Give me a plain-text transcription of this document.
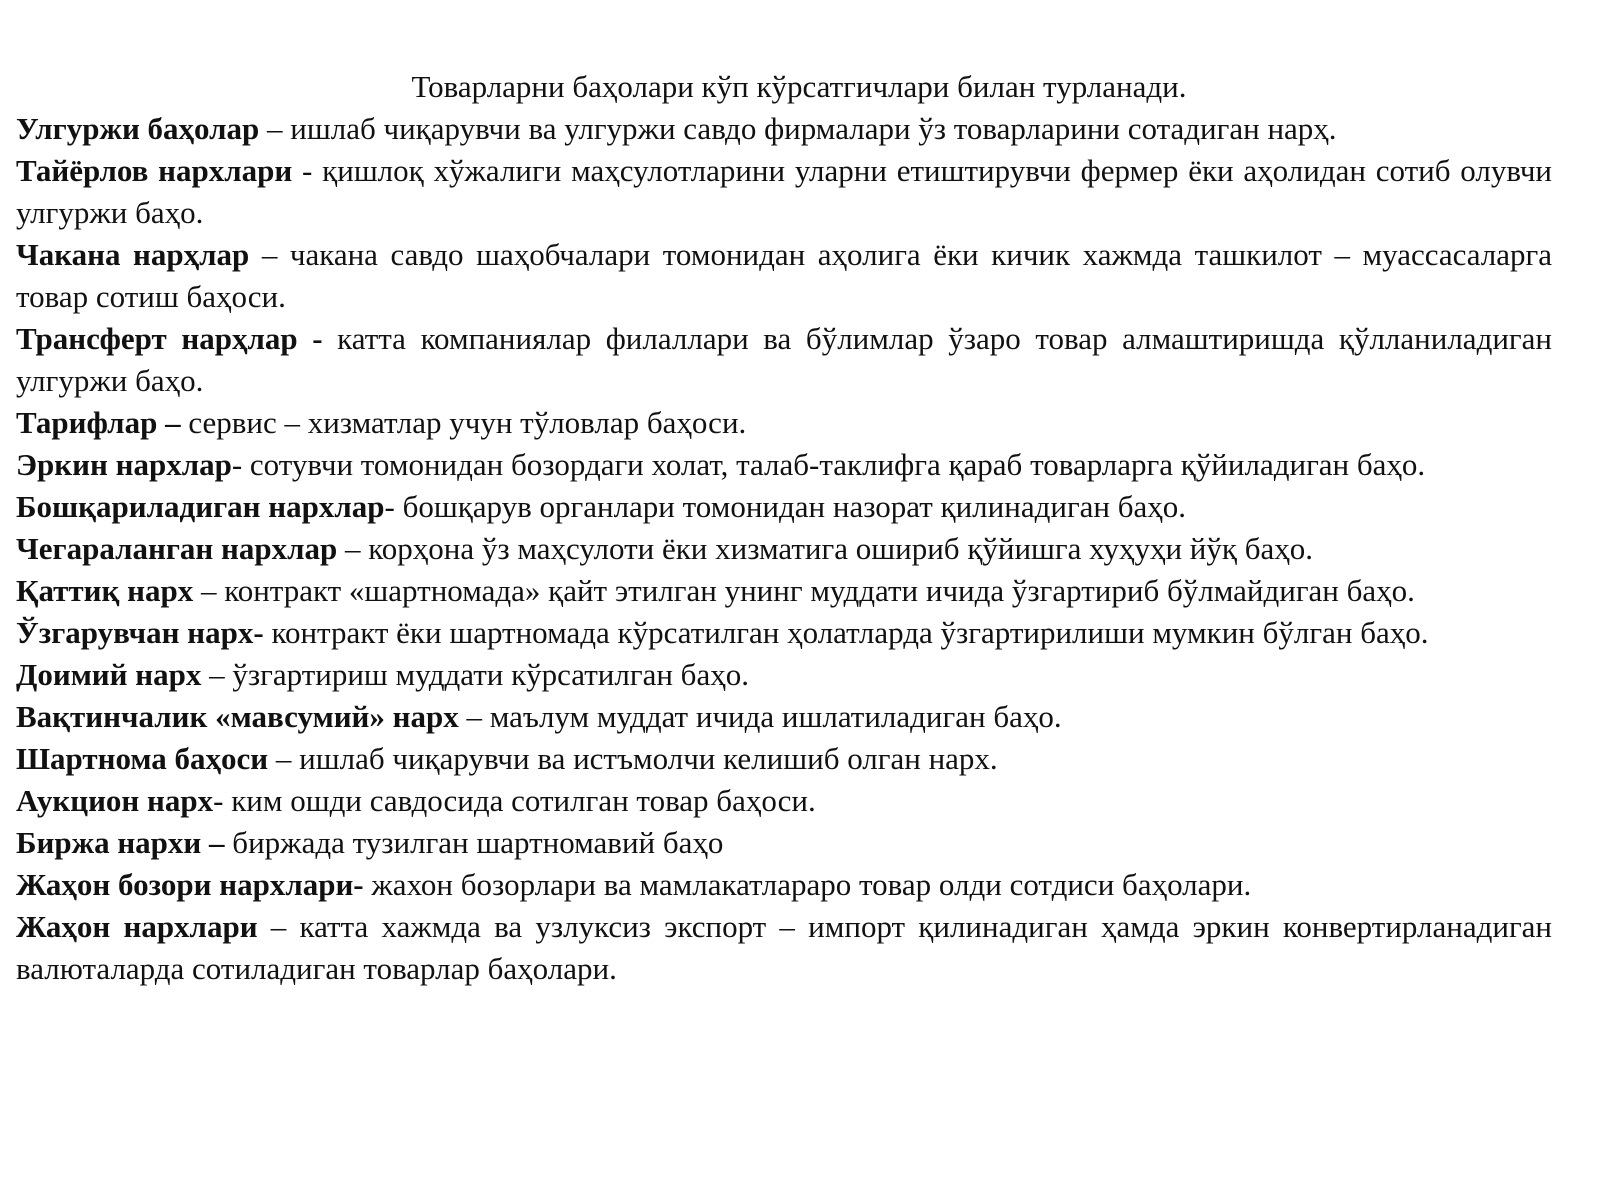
Товарларни баҳолари кўп кўрсатгичлари билан турланади.

Улгуржи баҳолар – ишлаб чиқарувчи ва улгуржи савдо фирмалари ўз товарларини сотадиган нарҳ.

Тайёрлов нархлари - қишлоқ хўжалиги маҳсулотларини уларни етиштирувчи фермер ёки аҳолидан сотиб олувчи улгуржи баҳо.

Чакана нарҳлар – чакана савдо шаҳобчалари томонидан аҳолига ёки кичик хажмда ташкилот – муассасаларга товар сотиш баҳоси.

Трансферт нарҳлар - катта компаниялар филаллари ва бўлимлар ўзаро товар алмаштиришда қўлланиладиган улгуржи баҳо.

Тарифлар – сервис – хизматлар учун тўловлар баҳоси.

Эркин нархлар- сотувчи томонидан бозордаги холат, талаб-таклифга қараб товарларга қўйиладиган баҳо.

Бошқариладиган нархлар- бошқарув органлари томонидан назорат қилинадиган баҳо.

Чегараланган нархлар – корҳона ўз маҳсулоти ёки хизматига ошириб қўйишга хуҳуҳи йўқ баҳо.

Қаттиқ нарх – контракт «шартномада» қайт этилган унинг муддати ичида ўзгартириб бўлмайдиган баҳо.

Ўзгарувчан нарх- контракт ёки шартномада кўрсатилган ҳолатларда ўзгартирилиши мумкин бўлган баҳо.

Доимий нарх – ўзгартириш муддати кўрсатилган баҳо.

Вақтинчалик «мавсумий» нарх – маълум муддат ичида ишлатиладиган баҳо.

Шартнома баҳоси – ишлаб чиқарувчи ва истъмолчи келишиб олган нарх.

Аукцион нарх- ким ошди савдосида сотилган товар баҳоси.

Биржа нархи – биржада тузилган шартномавий баҳо

Жаҳон бозори нархлари- жахон бозорлари ва мамлакатлараро товар олди сотдиси баҳолари.

Жаҳон нархлари – катта хажмда ва узлуксиз экспорт – импорт қилинадиган ҳамда эркин конвертирланадиган валюталарда сотиладиган товарлар баҳолари.
